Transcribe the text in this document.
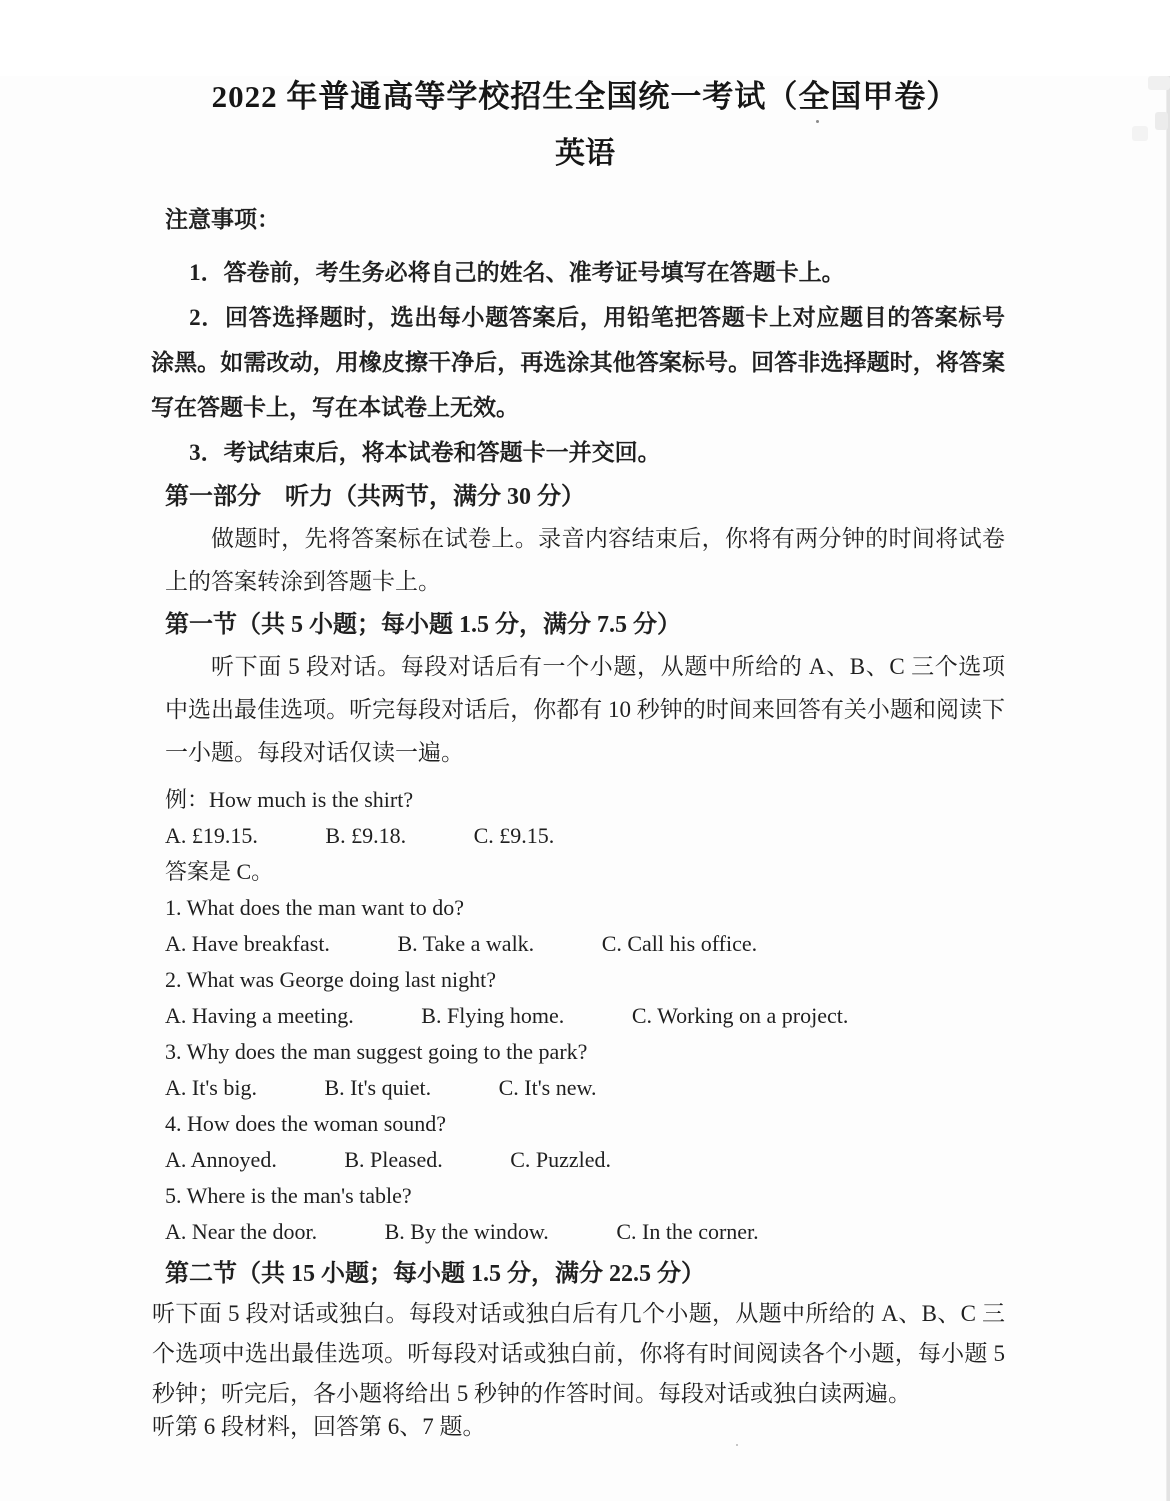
2022 年普通高等学校招生全国统一考试（全国甲卷）
英语

注意事项：

1．答卷前，考生务必将自己的姓名、准考证号填写在答题卡上。

2．回答选择题时，选出每小题答案后，用铅笔把答题卡上对应题目的答案标号涂黑。如需改动，用橡皮擦干净后，再选涂其他答案标号。回答非选择题时，将答案写在答题卡上，写在本试卷上无效。

3．考试结束后，将本试卷和答题卡一并交回。

第一部分　听力（共两节，满分 30 分）

做题时，先将答案标在试卷上。录音内容结束后，你将有两分钟的时间将试卷上的答案转涂到答题卡上。

第一节（共 5 小题；每小题 1.5 分，满分 7.5 分）

听下面 5 段对话。每段对话后有一个小题，从题中所给的 A、B、C 三个选项中选出最佳选项。听完每段对话后，你都有 10 秒钟的时间来回答有关小题和阅读下一小题。每段对话仅读一遍。

例：How much is the shirt?

A. £19.15.	B. £9.18.	C. £9.15.

答案是 C。

1. What does the man want to do?

A. Have breakfast.	B. Take a walk.	C. Call his office.

2. What was George doing last night?

A. Having a meeting.	B. Flying home.	C. Working on a project.

3. Why does the man suggest going to the park?

A. It's big.	B. It's quiet.	C. It's new.

4. How does the woman sound?

A. Annoyed.	B. Pleased.	C. Puzzled.

5. Where is the man's table?

A. Near the door.	B. By the window.	C. In the corner.

第二节（共 15 小题；每小题 1.5 分，满分 22.5 分）

听下面 5 段对话或独白。每段对话或独白后有几个小题，从题中所给的 A、B、C 三个选项中选出最佳选项。听每段对话或独白前，你将有时间阅读各个小题，每小题 5 秒钟；听完后，各小题将给出 5 秒钟的作答时间。每段对话或独白读两遍。

听第 6 段材料，回答第 6、7 题。
